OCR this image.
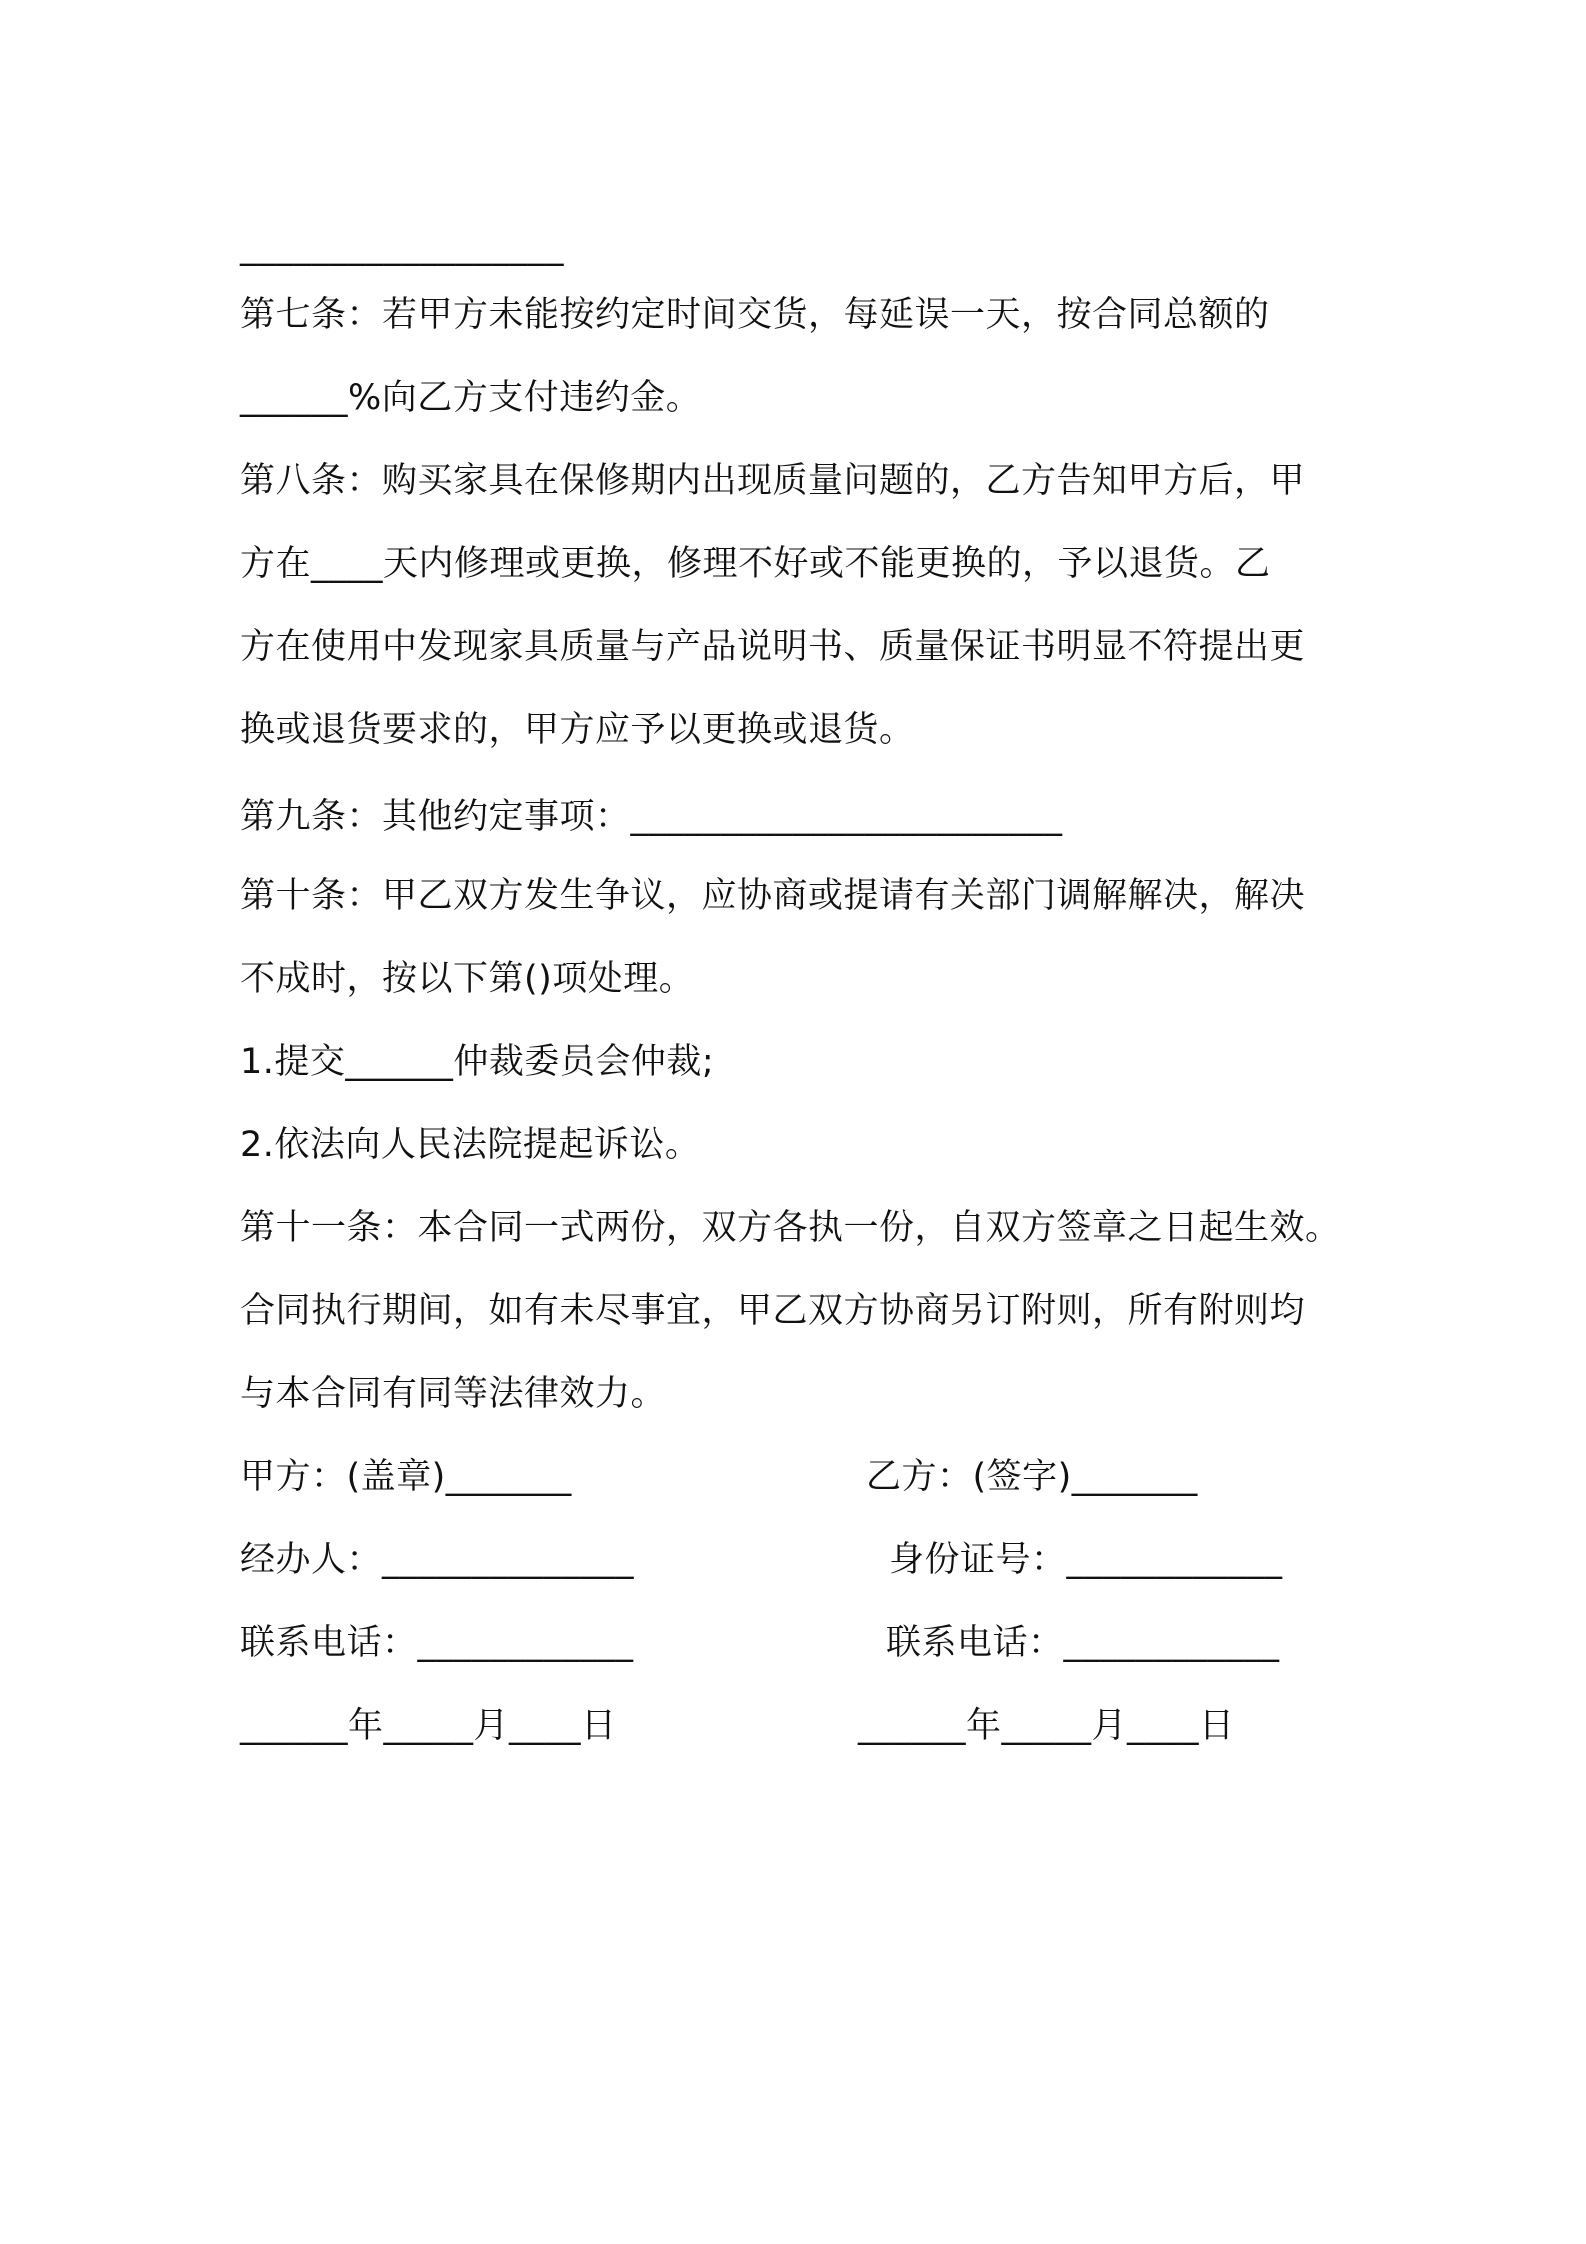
__________________
第七条：若甲方未能按约定时间交货，每延误一天，按合同总额的
______%向乙方支付违约金。
第八条：购买家具在保修期内出现质量问题的，乙方告知甲方后，甲
方在____天内修理或更换，修理不好或不能更换的，予以退货。乙
方在使用中发现家具质量与产品说明书、质量保证书明显不符提出更
换或退货要求的，甲方应予以更换或退货。
第九条：其他约定事项：________________________
第十条：甲乙双方发生争议，应协商或提请有关部门调解解决，解决
不成时，按以下第()项处理。
1.提交______仲裁委员会仲裁;
2.依法向人民法院提起诉讼。
第十一条：本合同一式两份，双方各执一份，自双方签章之日起生效。
合同执行期间，如有未尽事宜，甲乙双方协商另订附则，所有附则均
与本合同有同等法律效力。
甲方：(盖章)_______
经办人：______________
联系电话：____________
______年_____月____日
乙方：(签字)_______
身份证号：____________
联系电话：____________
______年_____月____日
